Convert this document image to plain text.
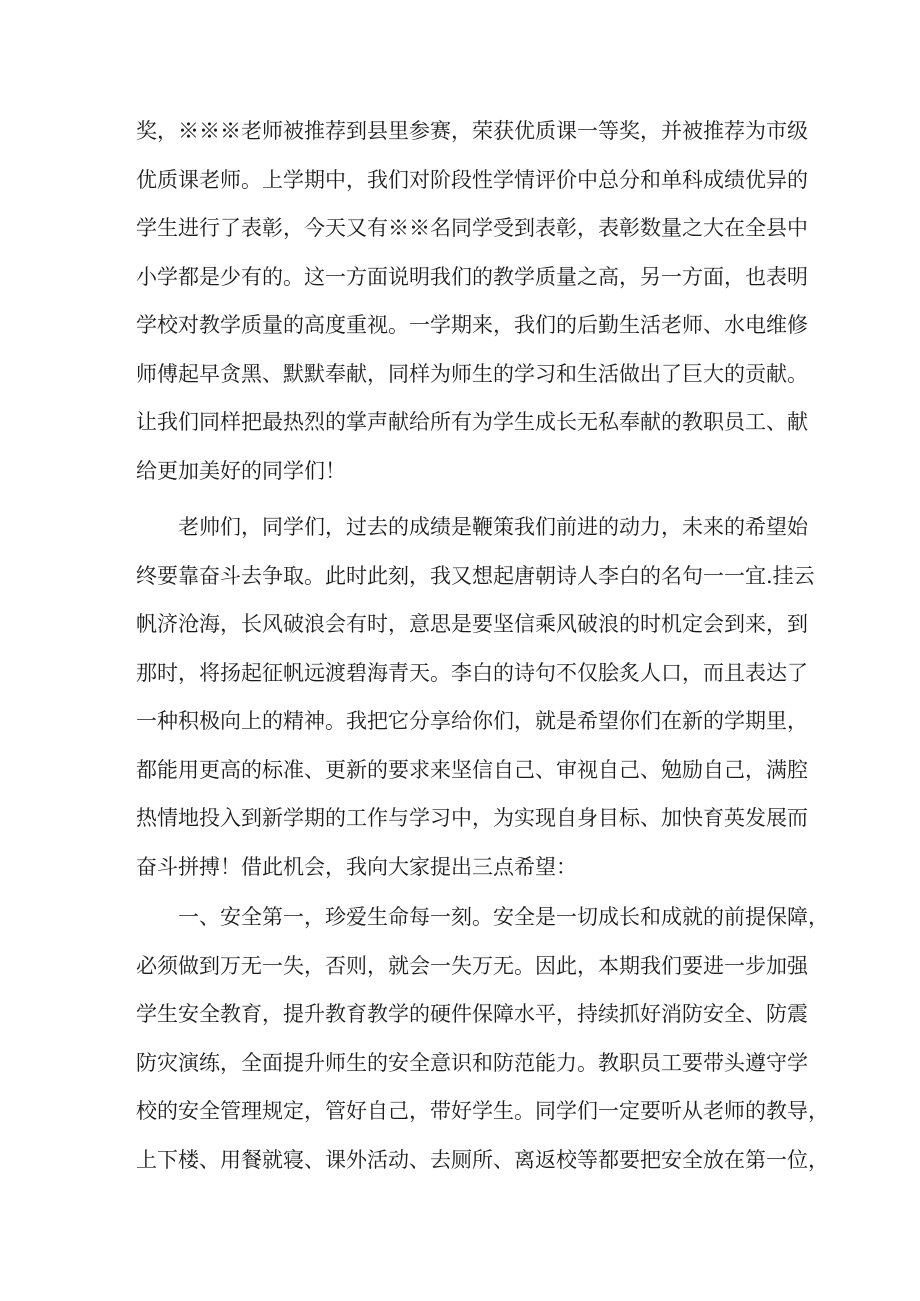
奖，※※※老师被推荐到县里参赛，荣获优质课一等奖，并被推荐为市级
优质课老师。上学期中，我们对阶段性学情评价中总分和单科成绩优异的
学生进行了表彰，今天又有※※名同学受到表彰，表彰数量之大在全县中
小学都是少有的。这一方面说明我们的教学质量之高，另一方面，也表明
学校对教学质量的高度重视。一学期来，我们的后勤生活老师、水电维修
师傅起早贪黑、默默奉献，同样为师生的学习和生活做出了巨大的贡献。
让我们同样把最热烈的掌声献给所有为学生成长无私奉献的教职员工、献
给更加美好的同学们！
老帅们，同学们，过去的成绩是鞭策我们前进的动力，未来的希望始
终要靠奋斗去争取。此时此刻，我又想起唐朝诗人李白的名句一一宜.挂云
帆济沧海，长风破浪会有时，意思是要坚信乘风破浪的时机定会到来，到
那时，将扬起征帆远渡碧海青天。李白的诗句不仅脍炙人口，而且表达了
一种积极向上的精神。我把它分享给你们，就是希望你们在新的学期里，
都能用更高的标准、更新的要求来坚信自己、审视自己、勉励自己，满腔
热情地投入到新学期的工作与学习中，为实现自身目标、加快育英发展而
奋斗拼搏！借此机会，我向大家提出三点希望：
一、安全第一，珍爱生命每一刻。安全是一切成长和成就的前提保障，
必须做到万无一失，否则，就会一失万无。因此，本期我们要进一步加强
学生安全教育，提升教育教学的硬件保障水平，持续抓好消防安全、防震
防灾演练，全面提升师生的安全意识和防范能力。教职员工要带头遵守学
校的安全管理规定，管好自己，带好学生。同学们一定要听从老师的教导，
上下楼、用餐就寝、课外活动、去厕所、离返校等都要把安全放在第一位，
